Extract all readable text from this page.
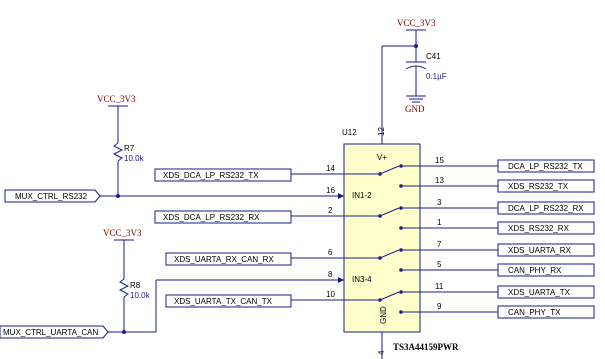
VCC_3V3
C41
0.1µF
GND
U12	12
V+
IN1-2
IN3-4
GND
4
TS3A44159PWR
XDS_DCA_LP_RS232_TX
14
MUX_CTRL_RS232
16
XDS_DCA_LP_RS232_RX
2
XDS_UARTA_RX_CAN_RX
6
8
XDS_UARTA_TX_CAN_TX
10
MUX_CTRL_UARTA_CAN
VCC_3V3
R7
10.0k
VCC_3V3
R8
10.0k
15
DCA_LP_RS232_TX
13
XDS_RS232_TX
3
DCA_LP_RS232_RX
1
XDS_RS232_RX
7
XDS_UARTA_RX
5
CAN_PHY_RX
11
XDS_UARTA_TX
9
CAN_PHY_TX
